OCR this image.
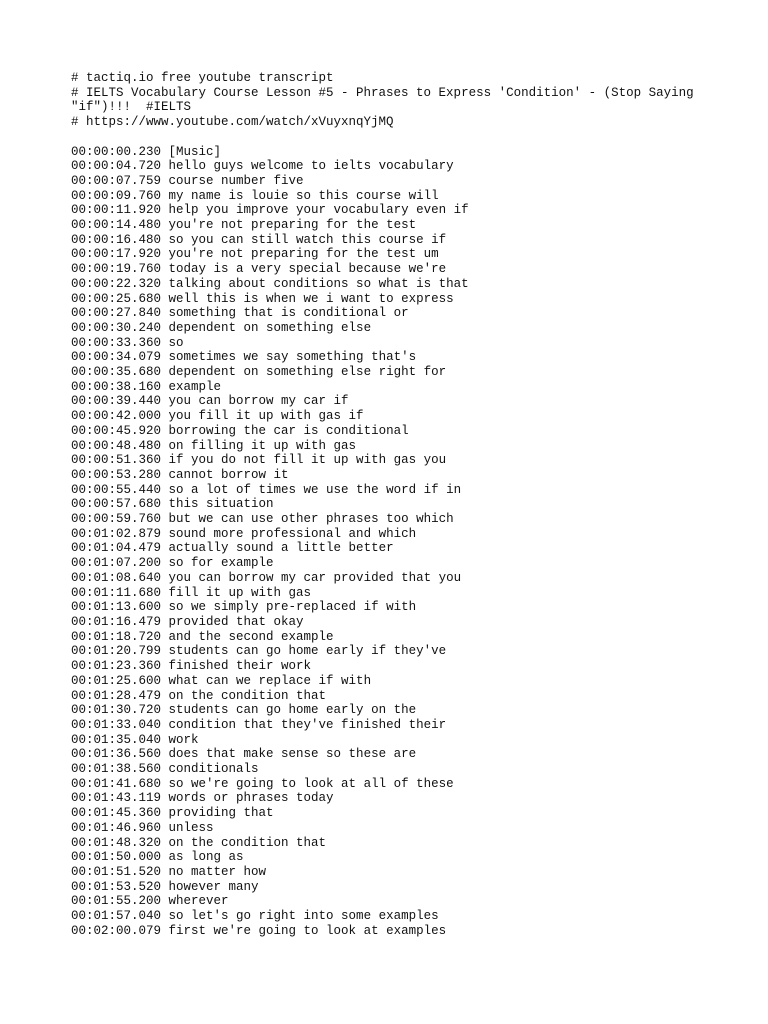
# tactiq.io free youtube transcript
# IELTS Vocabulary Course Lesson #5 - Phrases to Express 'Condition' - (Stop Saying "if")!!!  #IELTS
# https://www.youtube.com/watch/xVuyxnqYjMQ
00:00:00.230 [Music]
00:00:04.720 hello guys welcome to ielts vocabulary
00:00:07.759 course number five
00:00:09.760 my name is louie so this course will
00:00:11.920 help you improve your vocabulary even if
00:00:14.480 you're not preparing for the test
00:00:16.480 so you can still watch this course if
00:00:17.920 you're not preparing for the test um
00:00:19.760 today is a very special because we're
00:00:22.320 talking about conditions so what is that
00:00:25.680 well this is when we i want to express
00:00:27.840 something that is conditional or
00:00:30.240 dependent on something else
00:00:33.360 so
00:00:34.079 sometimes we say something that's
00:00:35.680 dependent on something else right for
00:00:38.160 example
00:00:39.440 you can borrow my car if
00:00:42.000 you fill it up with gas if
00:00:45.920 borrowing the car is conditional
00:00:48.480 on filling it up with gas
00:00:51.360 if you do not fill it up with gas you
00:00:53.280 cannot borrow it
00:00:55.440 so a lot of times we use the word if in
00:00:57.680 this situation
00:00:59.760 but we can use other phrases too which
00:01:02.879 sound more professional and which
00:01:04.479 actually sound a little better
00:01:07.200 so for example
00:01:08.640 you can borrow my car provided that you
00:01:11.680 fill it up with gas
00:01:13.600 so we simply pre-replaced if with
00:01:16.479 provided that okay
00:01:18.720 and the second example
00:01:20.799 students can go home early if they've
00:01:23.360 finished their work
00:01:25.600 what can we replace if with
00:01:28.479 on the condition that
00:01:30.720 students can go home early on the
00:01:33.040 condition that they've finished their
00:01:35.040 work
00:01:36.560 does that make sense so these are
00:01:38.560 conditionals
00:01:41.680 so we're going to look at all of these
00:01:43.119 words or phrases today
00:01:45.360 providing that
00:01:46.960 unless
00:01:48.320 on the condition that
00:01:50.000 as long as
00:01:51.520 no matter how
00:01:53.520 however many
00:01:55.200 wherever
00:01:57.040 so let's go right into some examples
00:02:00.079 first we're going to look at examples
